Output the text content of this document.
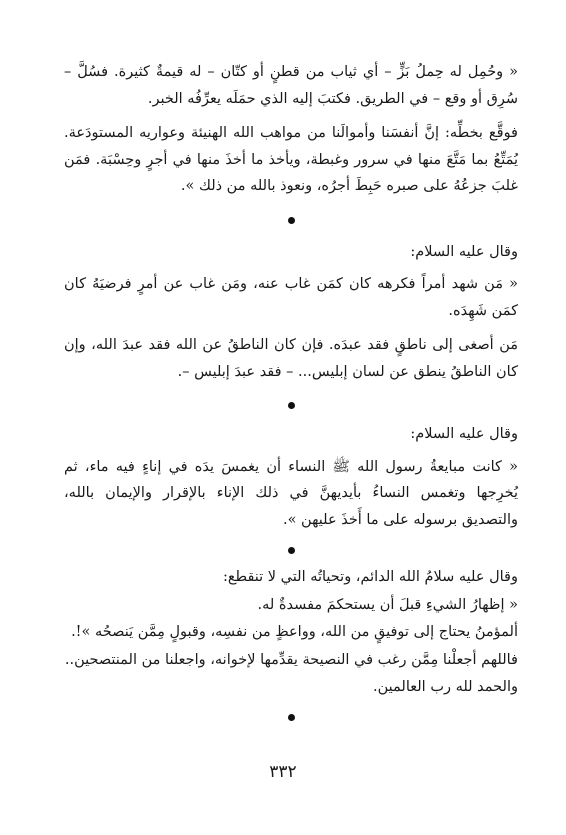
« وحُمِل له حِملُ بَزٍّ – أي ثياب من قطنٍ أو كتّان – له قيمةٌ كثيرة. فسُلَّ – سُرِق أو وقع – في الطريق. فكتبَ إليه الذي حمَلَه يعرِّفُه الخبر.

فوقَّع بخطِّه: إنَّ أنفسَنا وأموالَنا من مواهب الله الهنيئة وعواريه المستودَعة. يُمَتِّعُ بما مَتَّعَ منها في سرور وغبطة، ويأخذ ما أخذَ منها في أجرٍ وحِسْبَة. فمَن غلبَ جزعُهُ على صبره حَبِطَ أجرُه، ونعوذ بالله من ذلك ».

وقال عليه السلام:

« مَن شهد أمراً فكرهه كان كمَن غاب عنه، ومَن غاب عن أمرٍ فرضيَهُ كان كمَن شَهِدَه.

مَن أصغى إلى ناطقٍ فقد عبدَه. فإن كان الناطقُ عن الله فقد عبدَ الله، وإن كان الناطقُ ينطق عن لسان إبليس... – فقد عبدَ إبليس –.

وقال عليه السلام:

« كانت مبايعةُ رسول الله ﷺ النساء أن يغمسَ يدَه في إناءٍ فيه ماء، ثم يُخرِجها وتغمس النساءُ بأيديهنَّ في ذلك الإناء بالإقرار والإيمان بالله، والتصديق برسوله على ما أَخذَ عليهن ».

وقال عليه سلامُ الله الدائم، وتحياتُه التي لا تنقطع:

« إظهارُ الشيءِ قبلَ أن يستحكمَ مفسدةٌ له.

ألمؤمنُ يحتاج إلى توفيقٍ من الله، وواعظٍ من نفسِه، وقبولٍ مِمَّن يَنصحُه »!.

فاللهم أجعلْنا مِمَّن رغب في النصيحة يقدِّمها لإخوانه، واجعلنا من المنتصحين..

والحمد لله رب العالمين.

٣٣٢
